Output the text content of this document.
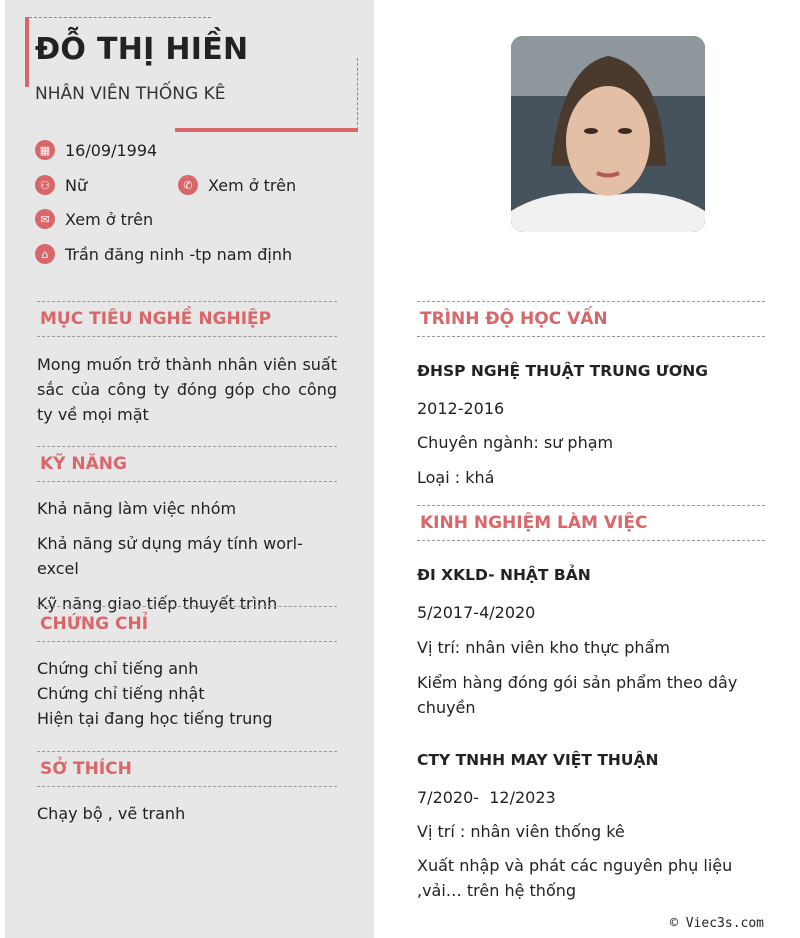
ĐỖ THỊ HIỀN
NHÂN VIÊN THỐNG KÊ
▦ 16/09/1994
⚇ Nữ	✆ Xem ở trên
✉ Xem ở trên
⌂	Trần đăng ninh -tp nam định
MỤC TIÊU NGHỀ NGHIỆP
Mong muốn trở thành nhân viên suất sắc của công ty đóng góp cho công ty về mọi mặt
KỸ NĂNG
Khả năng làm việc nhóm
Khả năng sử dụng máy tính worl- excel
Kỹ năng giao tiếp thuyết trình
CHỨNG CHỈ
Chứng chỉ tiếng anh
Chứng chỉ tiếng nhật
Hiện tại đang học tiếng trung
SỞ THÍCH
Chạy bộ , vẽ tranh
TRÌNH ĐỘ HỌC VẤN
ĐHSP NGHỆ THUẬT TRUNG ƯƠNG
2012-2016
Chuyên ngành: sư phạm
Loại : khá
KINH NGHIỆM LÀM VIỆC
ĐI XKLD- NHẬT BẢN
5/2017-4/2020
Vị trí: nhân viên kho thực phẩm
Kiểm hàng đóng gói sản phẩm theo dây chuyền
CTY TNHH MAY VIỆT THUẬN
7/2020-  12/2023
Vị trí : nhân viên thống kê
Xuất nhập và phát các nguyên phụ liệu ,vải… trên hệ thống
© Viec3s.com
